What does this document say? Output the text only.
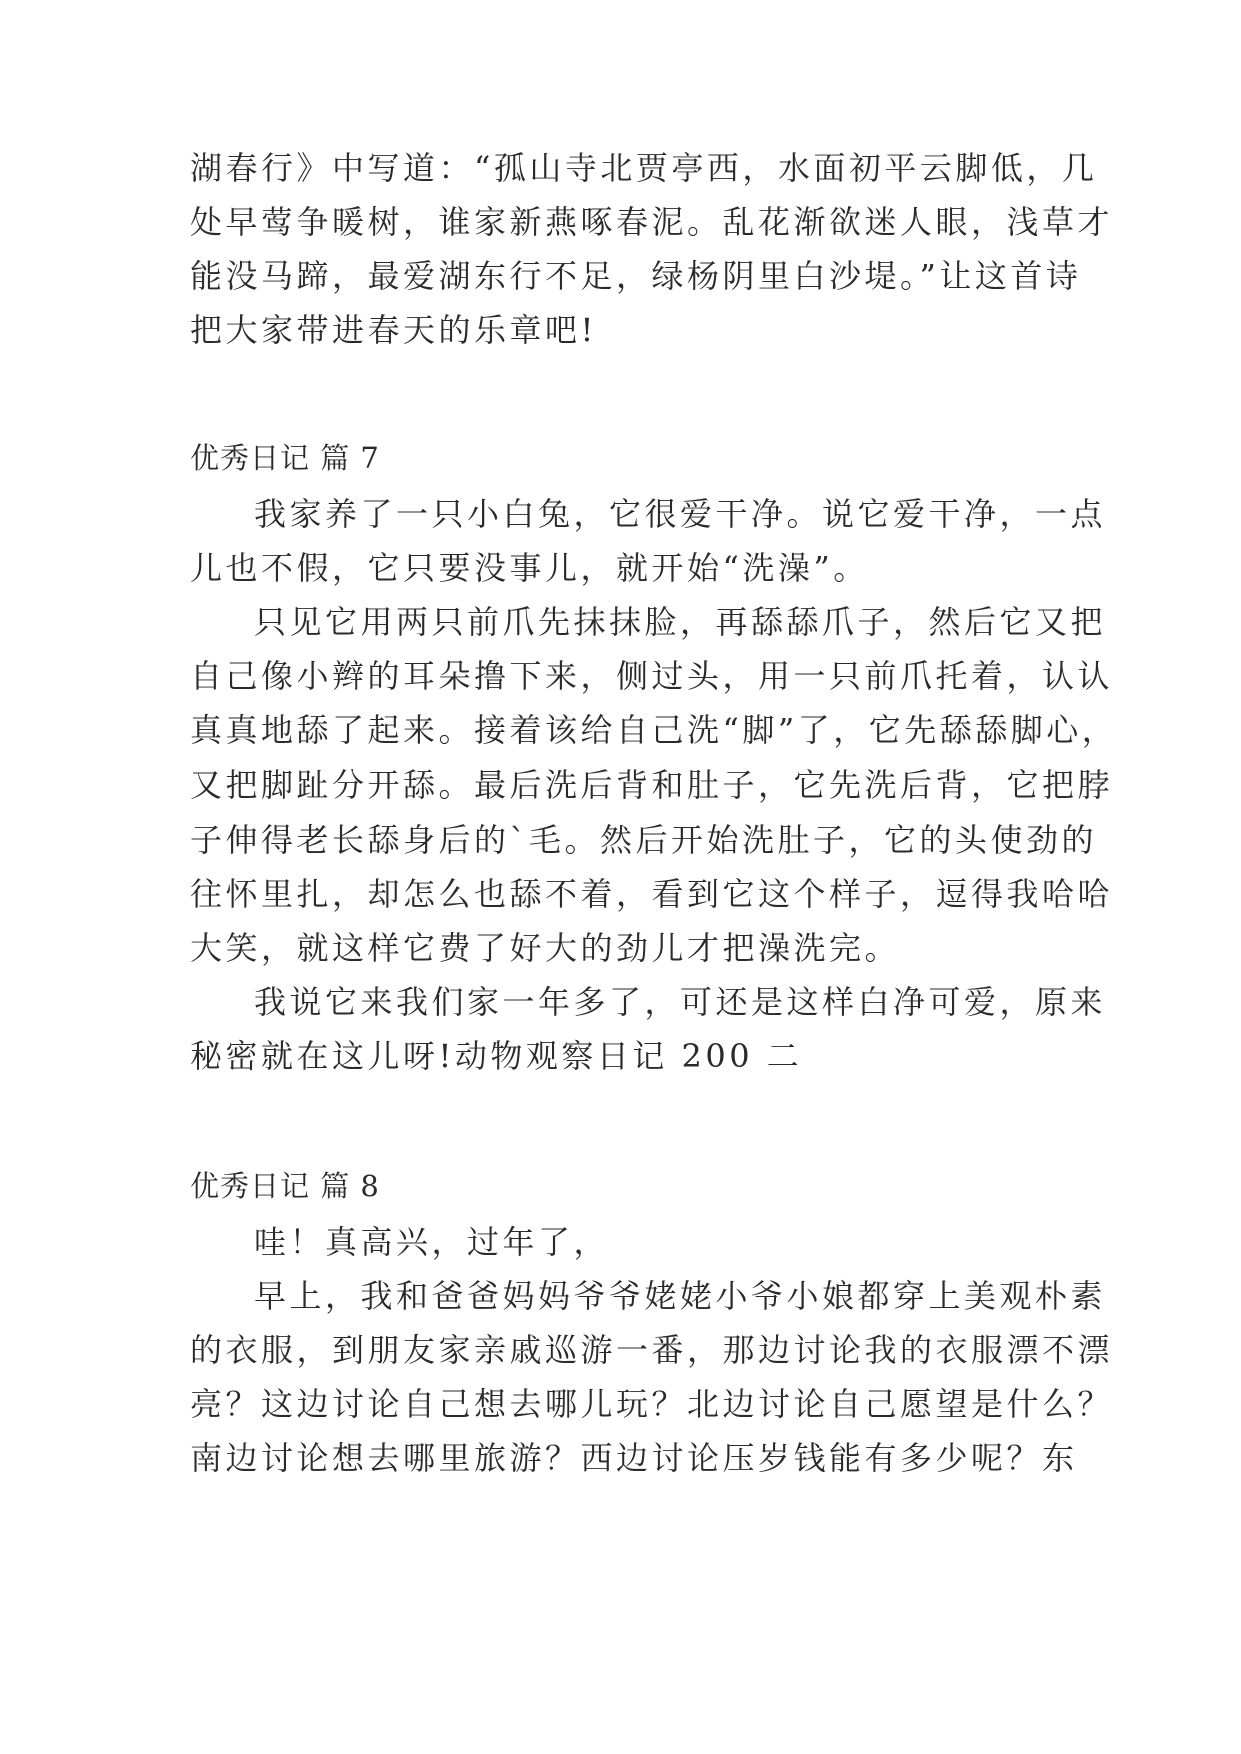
湖春行》中写道：“孤山寺北贾亭西，水面初平云脚低，几
处早莺争暖树，谁家新燕啄春泥。乱花渐欲迷人眼，浅草才
能没马蹄，最爱湖东行不足，绿杨阴里白沙堤。”让这首诗
把大家带进春天的乐章吧!
优秀日记 篇 7
我家养了一只小白兔，它很爱干净。说它爱干净，一点
儿也不假，它只要没事儿，就开始“洗澡”。
只见它用两只前爪先抹抹脸，再舔舔爪子，然后它又把
自己像小辫的耳朵撸下来，侧过头，用一只前爪托着，认认
真真地舔了起来。接着该给自己洗“脚”了，它先舔舔脚心，
又把脚趾分开舔。最后洗后背和肚子，它先洗后背，它把脖
子伸得老长舔身后的`毛。然后开始洗肚子，它的头使劲的
往怀里扎，却怎么也舔不着，看到它这个样子，逗得我哈哈
大笑，就这样它费了好大的劲儿才把澡洗完。
我说它来我们家一年多了，可还是这样白净可爱，原来
秘密就在这儿呀!动物观察日记 200 二
优秀日记 篇 8
哇！真高兴，过年了，
早上，我和爸爸妈妈爷爷姥姥小爷小娘都穿上美观朴素
的衣服，到朋友家亲戚巡游一番，那边讨论我的衣服漂不漂
亮？这边讨论自己想去哪儿玩？北边讨论自己愿望是什么？
南边讨论想去哪里旅游？西边讨论压岁钱能有多少呢？东
